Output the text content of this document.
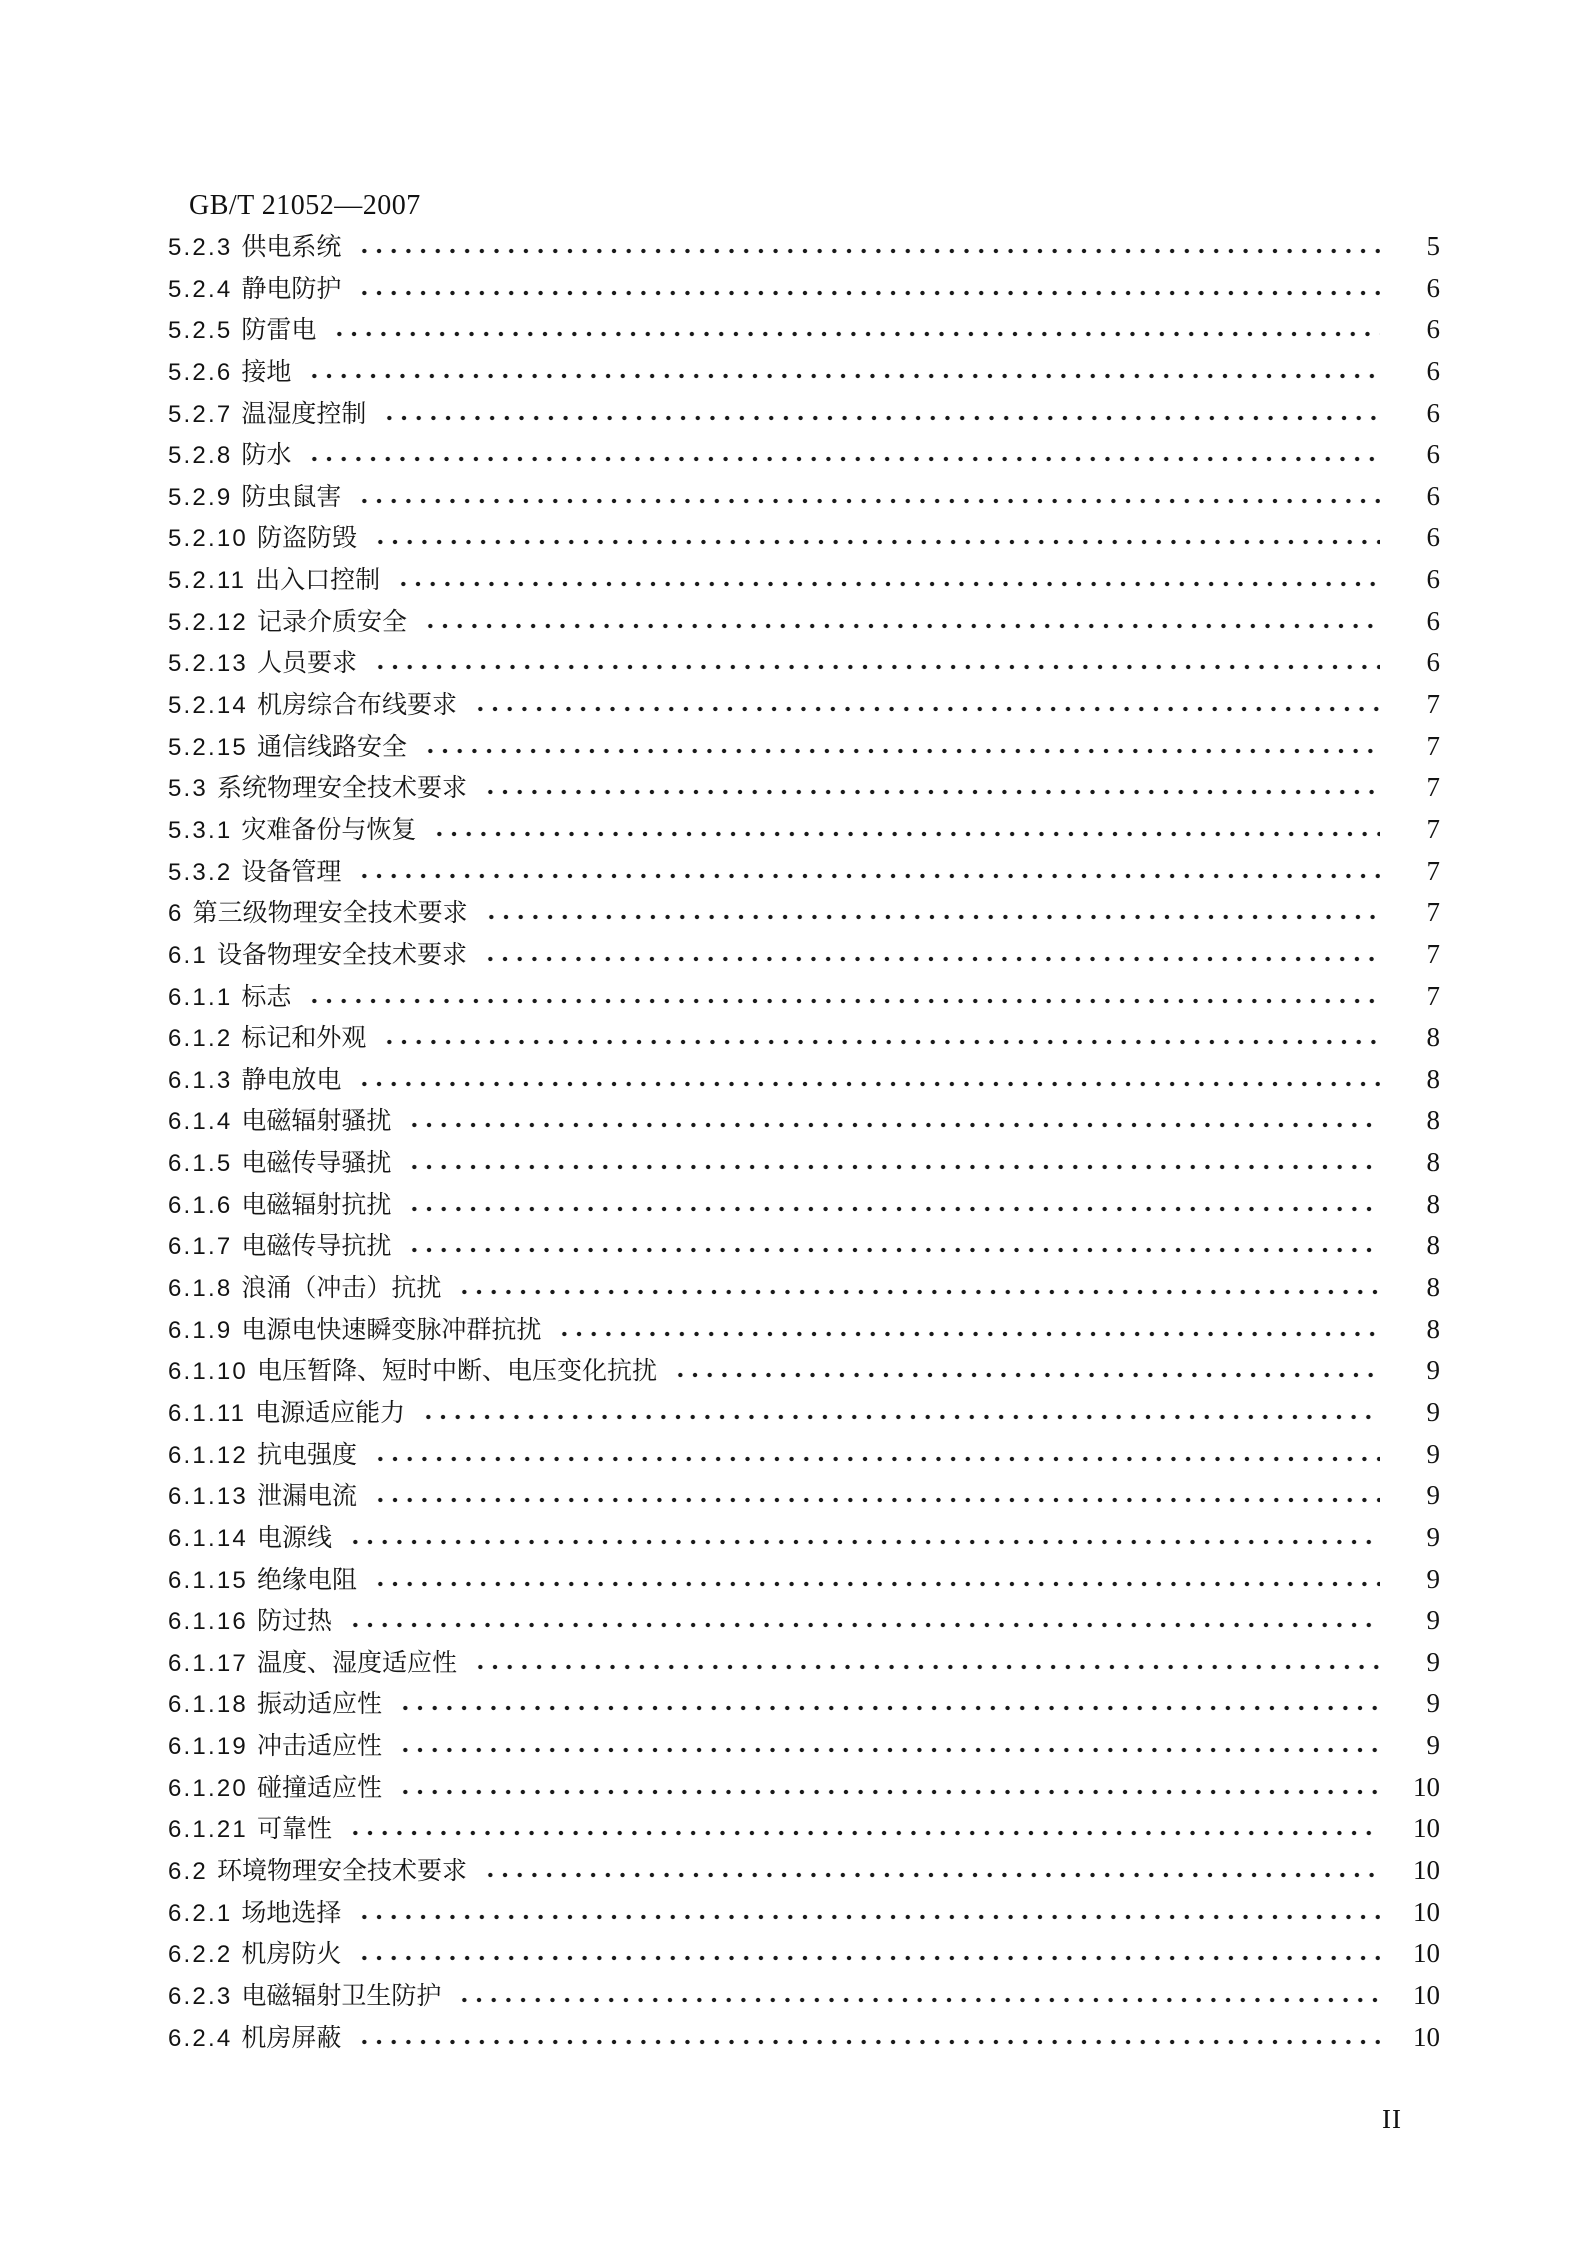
GB/T 21052—2007
5.2.3 供电系统	5
5.2.4 静电防护	6
5.2.5 防雷电	6
5.2.6 接地	6
5.2.7 温湿度控制	6
5.2.8 防水	6
5.2.9 防虫鼠害	6
5.2.10 防盗防毁	6
5.2.11 出入口控制	6
5.2.12 记录介质安全	6
5.2.13 人员要求	6
5.2.14 机房综合布线要求	7
5.2.15 通信线路安全	7
5.3 系统物理安全技术要求	7
5.3.1 灾难备份与恢复	7
5.3.2 设备管理	7
6 第三级物理安全技术要求	7
6.1 设备物理安全技术要求	7
6.1.1 标志	7
6.1.2 标记和外观	8
6.1.3 静电放电	8
6.1.4 电磁辐射骚扰	8
6.1.5 电磁传导骚扰	8
6.1.6 电磁辐射抗扰	8
6.1.7 电磁传导抗扰	8
6.1.8 浪涌（冲击）抗扰	8
6.1.9 电源电快速瞬变脉冲群抗扰	8
6.1.10 电压暂降、短时中断、电压变化抗扰	9
6.1.11 电源适应能力	9
6.1.12 抗电强度	9
6.1.13 泄漏电流	9
6.1.14 电源线	9
6.1.15 绝缘电阻	9
6.1.16 防过热	9
6.1.17 温度、湿度适应性	9
6.1.18 振动适应性	9
6.1.19 冲击适应性	9
6.1.20 碰撞适应性	10
6.1.21 可靠性	10
6.2 环境物理安全技术要求	10
6.2.1 场地选择	10
6.2.2 机房防火	10
6.2.3 电磁辐射卫生防护	10
6.2.4 机房屏蔽	10
II
